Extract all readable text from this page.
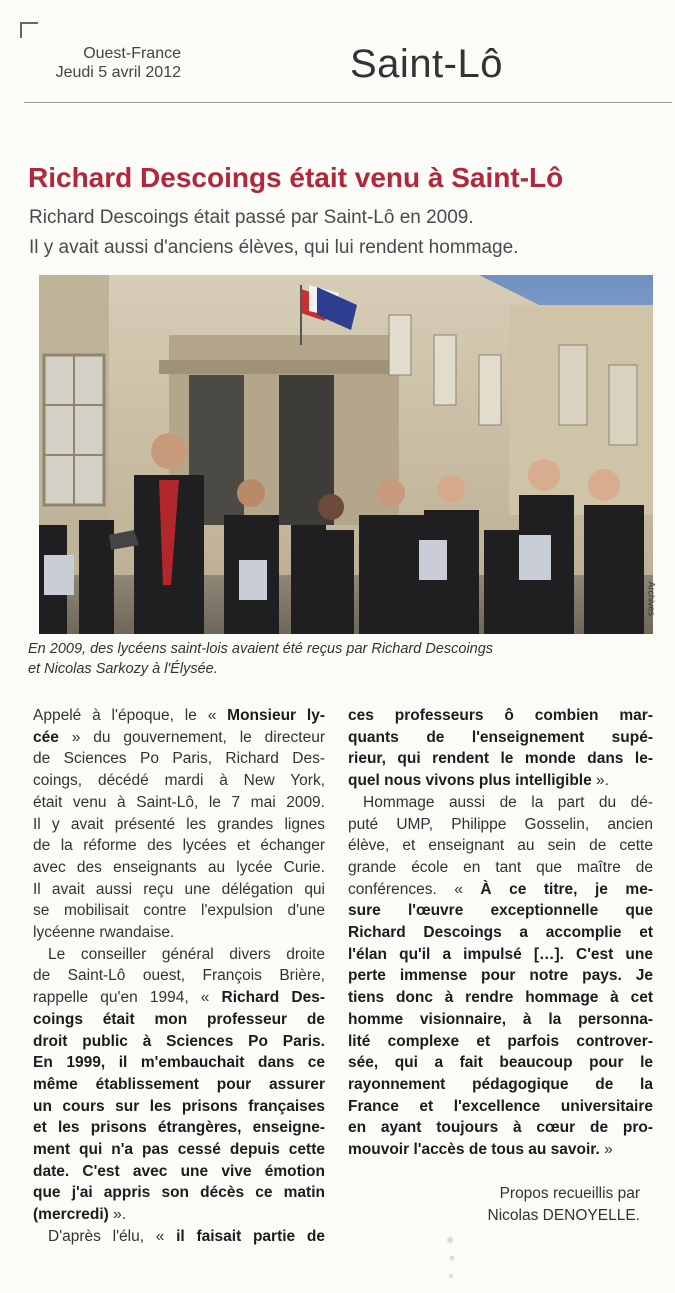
Ouest-France
Jeudi 5 avril 2012	Saint-Lô
Richard Descoings était venu à Saint-Lô
Richard Descoings était passé par Saint-Lô en 2009.
Il y avait aussi d'anciens élèves, qui lui rendent hommage.
Archives
En 2009, des lycéens saint-lois avaient été reçus par Richard Descoings
et Nicolas Sarkozy à l'Élysée.
Appelé à l'époque, le « Monsieur ly-
cée » du gouvernement, le directeur
de Sciences Po Paris, Richard Des-
coings, décédé mardi à New York,
était venu à Saint-Lô, le 7 mai 2009.
Il y avait présenté les grandes lignes
de la réforme des lycées et échanger
avec des enseignants au lycée Curie.
Il avait aussi reçu une délégation qui
se mobilisait contre l'expulsion d'une
lycéenne rwandaise.
Le conseiller général divers droite
de Saint-Lô ouest, François Brière,
rappelle qu'en 1994, « Richard Des-
coings était mon professeur de
droit public à Sciences Po Paris.
En 1999, il m'embauchait dans ce
même établissement pour assurer
un cours sur les prisons françaises
et les prisons étrangères, enseigne-
ment qui n'a pas cessé depuis cette
date. C'est avec une vive émotion
que j'ai appris son décès ce matin
(mercredi) ».
D'après l'élu, « il faisait partie de
ces professeurs ô combien mar-
quants de l'enseignement supé-
rieur, qui rendent le monde dans le-
quel nous vivons plus intelligible ».
Hommage aussi de la part du dé-
puté UMP, Philippe Gosselin, ancien
élève, et enseignant au sein de cette
grande école en tant que maître de
conférences. « À ce titre, je me-
sure l'œuvre exceptionnelle que
Richard Descoings a accomplie et
l'élan qu'il a impulsé […]. C'est une
perte immense pour notre pays. Je
tiens donc à rendre hommage à cet
homme visionnaire, à la personna-
lité complexe et parfois controver-
sée, qui a fait beaucoup pour le
rayonnement pédagogique de la
France et l'excellence universitaire
en ayant toujours à cœur de pro-
mouvoir l'accès de tous au savoir. »
Propos recueillis par
Nicolas DENOYELLE.
